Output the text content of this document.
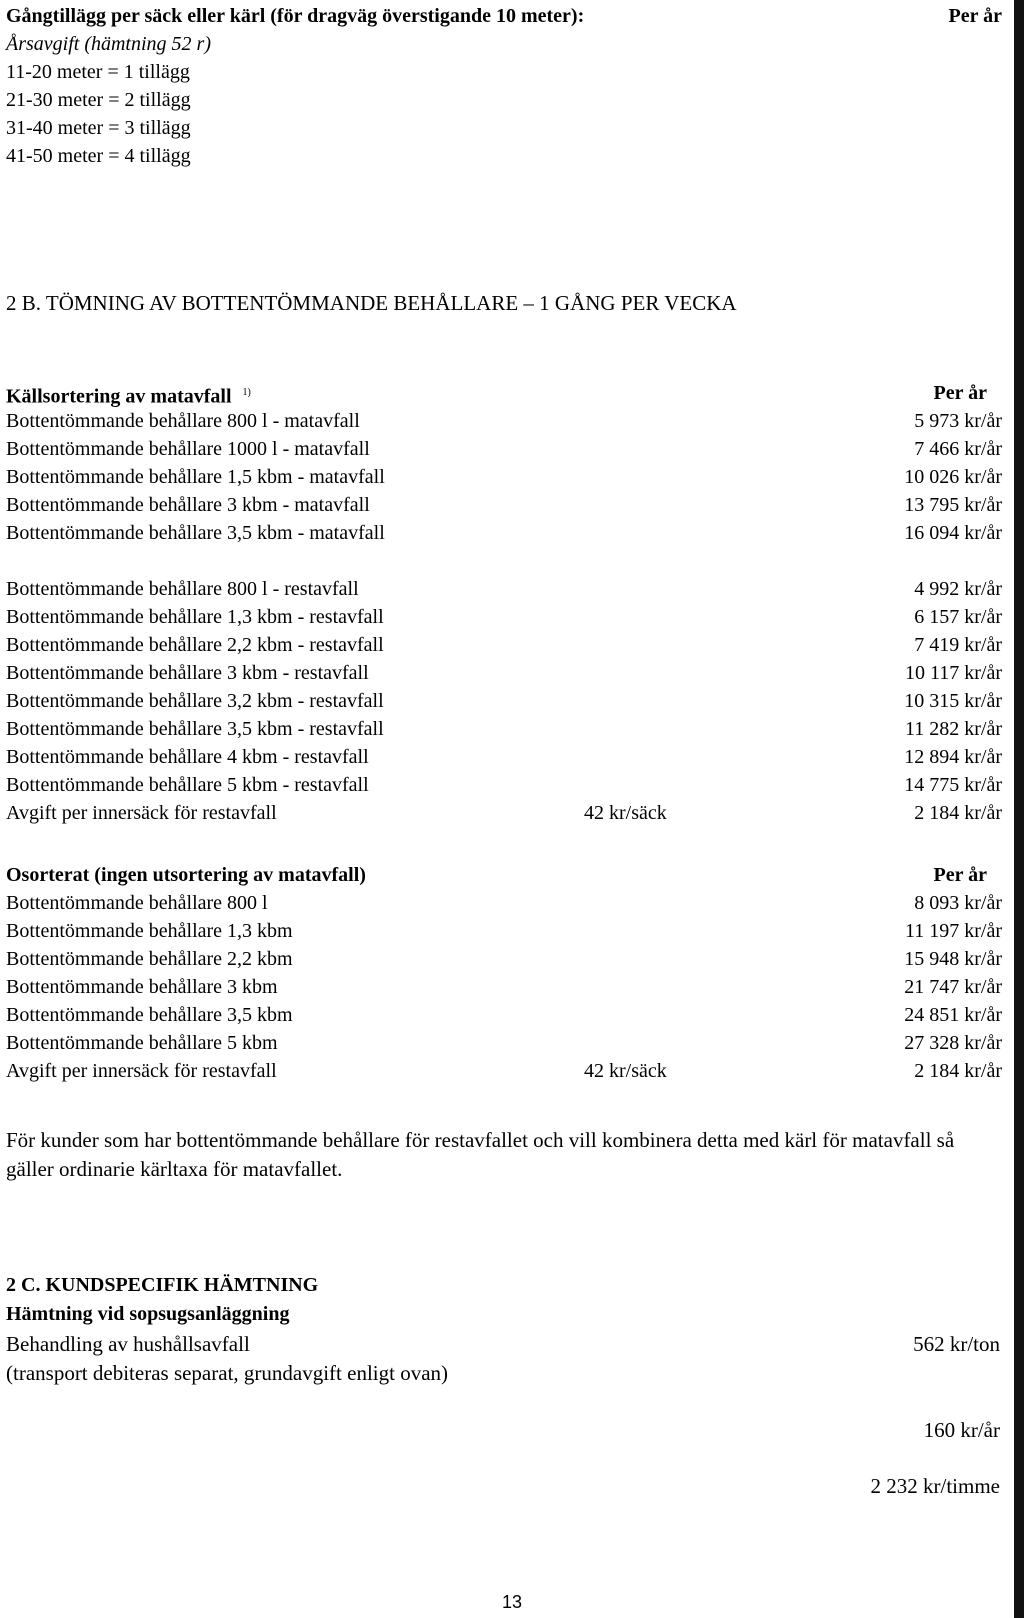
Gångtillägg per säck eller kärl (för dragväg överstigande 10 meter):	Per år
Årsavgift (hämtning 52 r)
11-20 meter = 1 tillägg
21-30 meter = 2 tillägg
31-40 meter = 3 tillägg
41-50 meter = 4 tillägg
2 B. TÖMNING AV BOTTENTÖMMANDE BEHÅLLARE – 1 GÅNG PER VECKA
Källsortering av matavfall $^{1)}$	Per år
Bottentömmande behållare 800 l - matavfall	5 973 kr/år
Bottentömmande behållare 1000 l - matavfall	7 466 kr/år
Bottentömmande behållare 1,5 kbm - matavfall	10 026 kr/år
Bottentömmande behållare 3 kbm - matavfall	13 795 kr/år
Bottentömmande behållare 3,5 kbm - matavfall	16 094 kr/år
Bottentömmande behållare 800 l - restavfall	4 992 kr/år
Bottentömmande behållare 1,3 kbm - restavfall	6 157 kr/år
Bottentömmande behållare 2,2 kbm - restavfall	7 419 kr/år
Bottentömmande behållare 3 kbm - restavfall	10 117 kr/år
Bottentömmande behållare 3,2 kbm - restavfall	10 315 kr/år
Bottentömmande behållare 3,5 kbm - restavfall	11 282 kr/år
Bottentömmande behållare 4 kbm - restavfall	12 894 kr/år
Bottentömmande behållare 5 kbm - restavfall	14 775 kr/år
Avgift per innersäck för restavfall	42 kr/säck	2 184 kr/år
Osorterat (ingen utsortering av matavfall)	Per år
Bottentömmande behållare 800 l	8 093 kr/år
Bottentömmande behållare 1,3 kbm	11 197 kr/år
Bottentömmande behållare 2,2 kbm	15 948 kr/år
Bottentömmande behållare 3 kbm	21 747 kr/år
Bottentömmande behållare 3,5 kbm	24 851 kr/år
Bottentömmande behållare 5 kbm	27 328 kr/år
Avgift per innersäck för restavfall	42 kr/säck	2 184 kr/år
För kunder som har bottentömmande behållare för restavfallet och vill kombinera detta med kärl för matavfall så gäller ordinarie kärltaxa för matavfallet.
2 C. KUNDSPECIFIK HÄMTNING
Hämtning vid sopsugsanläggning
Behandling av hushållsavfall	562 kr/ton
(transport debiteras separat, grundavgift enligt ovan)
160 kr/år
2 232 kr/timme
13
